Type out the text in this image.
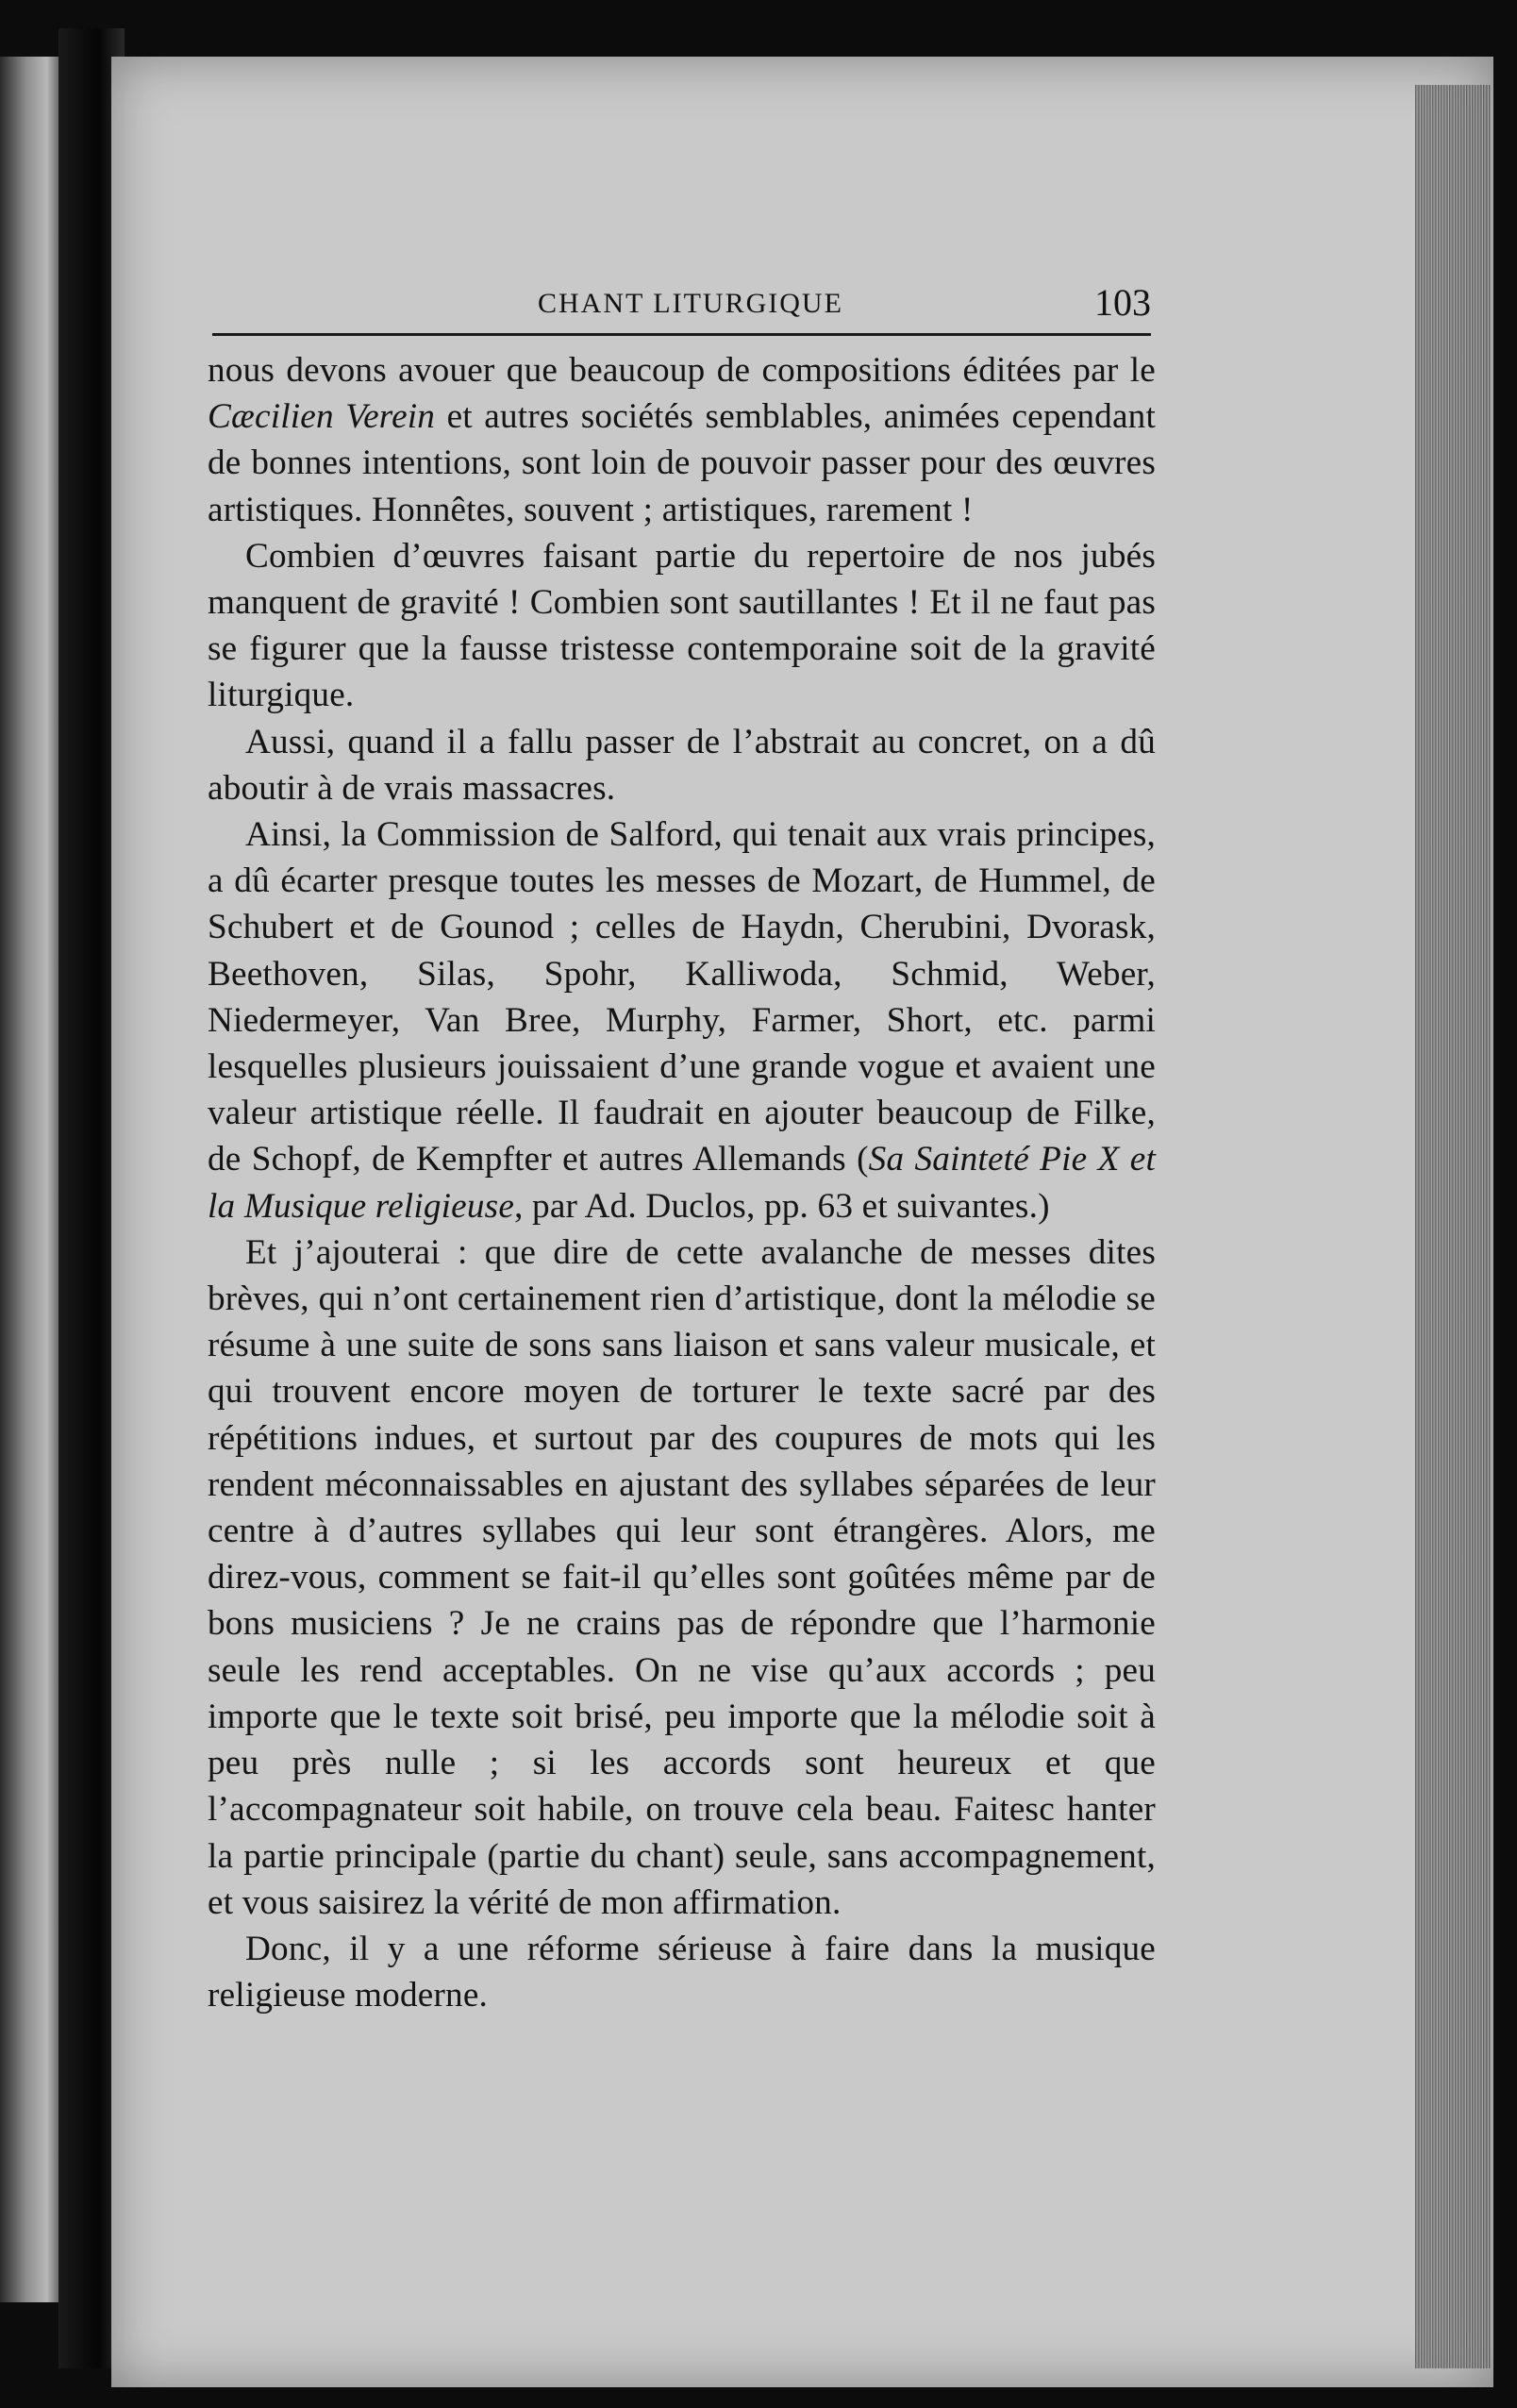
CHANT LITURGIQUE	103

nous devons avouer que beaucoup de compositions éditées par le Cæcilien Verein et autres sociétés semblables, animées cependant de bonnes intentions, sont loin de pouvoir passer pour des œuvres artistiques. Honnêtes, souvent ; artistiques, rarement !

Combien d’œuvres faisant partie du repertoire de nos jubés manquent de gravité ! Combien sont sautillantes ! Et il ne faut pas se figurer que la fausse tristesse contemporaine soit de la gravité liturgique.

Aussi, quand il a fallu passer de l’abstrait au concret, on a dû aboutir à de vrais massacres.

Ainsi, la Commission de Salford, qui tenait aux vrais principes, a dû écarter presque toutes les messes de Mozart, de Hummel, de Schubert et de Gounod ; celles de Haydn, Cherubini, Dvorask, Beethoven, Silas, Spohr, Kalliwoda, Schmid, Weber, Niedermeyer, Van Bree, Murphy, Farmer, Short, etc. parmi lesquelles plusieurs jouissaient d’une grande vogue et avaient une valeur artistique réelle. Il faudrait en ajouter beaucoup de Filke, de Schopf, de Kempfter et autres Allemands (Sa Sainteté Pie X et la Musique religieuse, par Ad. Duclos, pp. 63 et suivantes.)

Et j’ajouterai : que dire de cette avalanche de messes dites brèves, qui n’ont certainement rien d’artistique, dont la mélodie se résume à une suite de sons sans liaison et sans valeur musicale, et qui trouvent encore moyen de torturer le texte sacré par des répétitions indues, et surtout par des coupures de mots qui les rendent méconnaissables en ajustant des syllabes séparées de leur centre à d’autres syllabes qui leur sont étrangères. Alors, me direz-vous, comment se fait-il qu’elles sont goûtées même par de bons musiciens ? Je ne crains pas de répondre que l’harmonie seule les rend acceptables. On ne vise qu’aux accords ; peu importe que le texte soit brisé, peu importe que la mélodie soit à peu près nulle ; si les accords sont heureux et que l’accompagnateur soit habile, on trouve cela beau. Faitesc hanter la partie principale (partie du chant) seule, sans accompagnement, et vous saisirez la vérité de mon affirmation.

Donc, il y a une réforme sérieuse à faire dans la musique religieuse moderne.
